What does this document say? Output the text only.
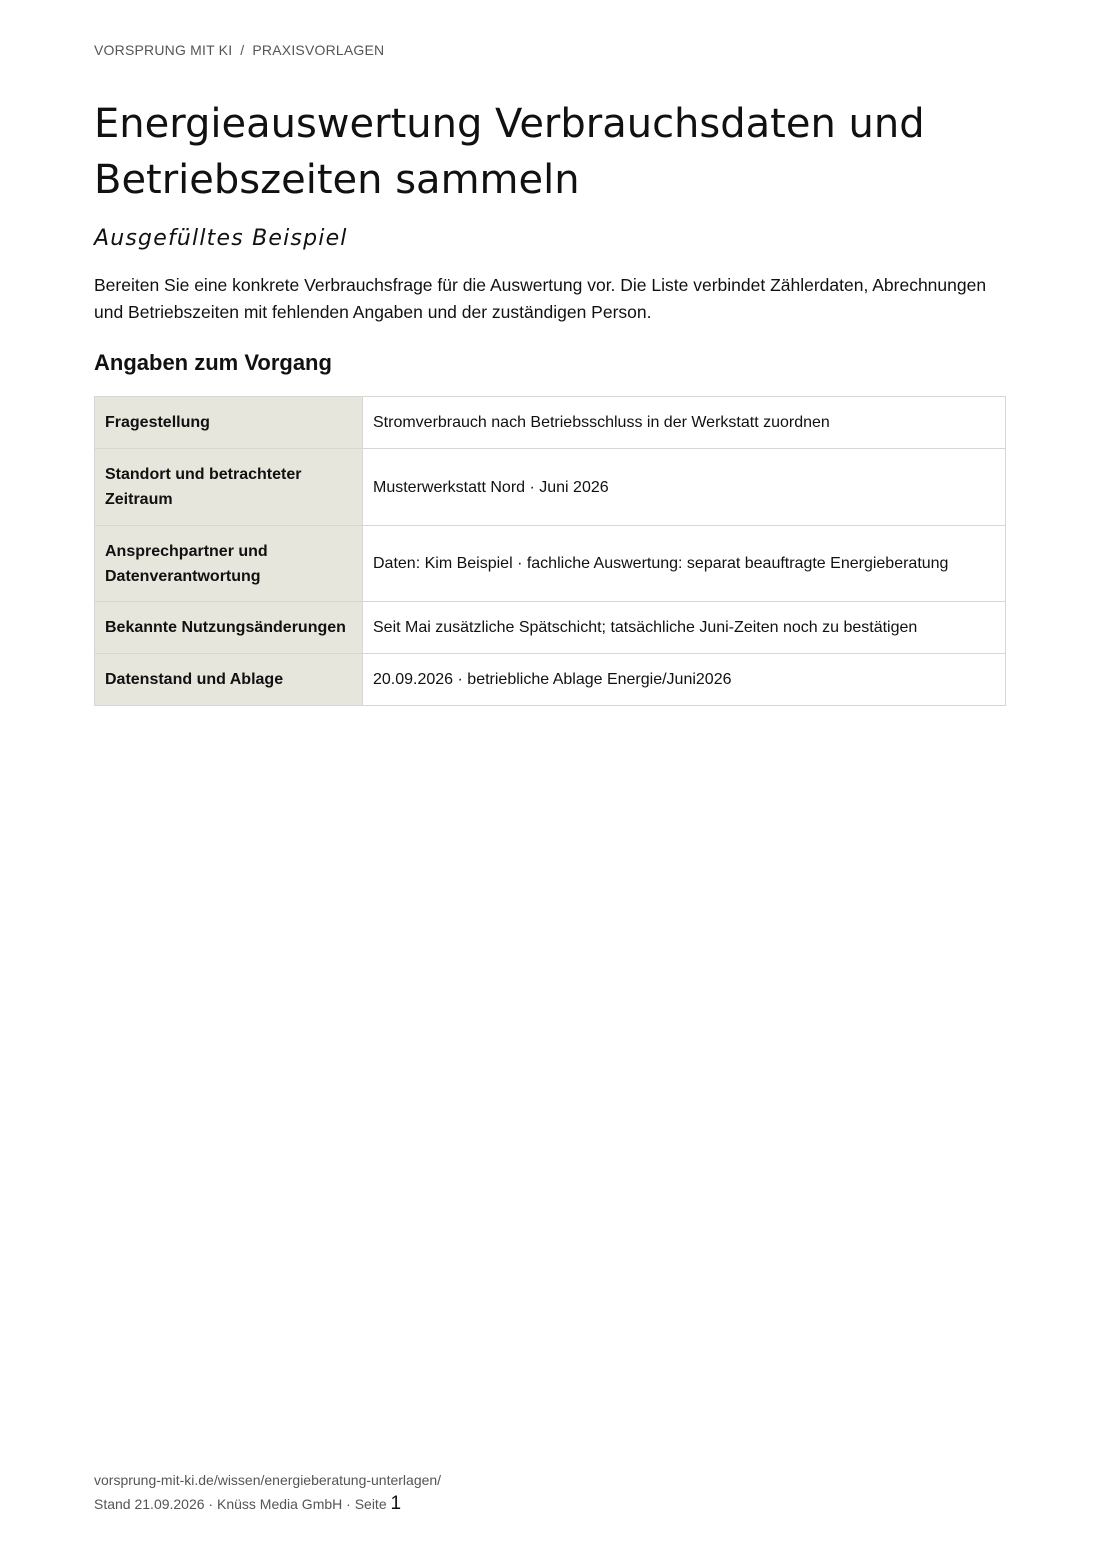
VORSPRUNG MIT KI / PRAXISVORLAGEN
Energieauswertung Verbrauchsdaten und Betriebszeiten sammeln
Ausgefülltes Beispiel

Bereiten Sie eine konkrete Verbrauchsfrage für die Auswertung vor. Die Liste verbindet Zählerdaten, Abrechnungen und Betriebszeiten mit fehlenden Angaben und der zuständigen Person.

Angaben zum Vorgang
Fragestellung	Stromverbrauch nach Betriebsschluss in der Werkstatt zuordnen
Standort und betrachteter Zeitraum	Musterwerkstatt Nord · Juni 2026
Ansprechpartner und Datenverantwortung	Daten: Kim Beispiel · fachliche Auswertung: separat beauftragte Energieberatung
Bekannte Nutzungsänderungen	Seit Mai zusätzliche Spätschicht; tatsächliche Juni-Zeiten noch zu bestätigen
Datenstand und Ablage	20.09.2026 · betriebliche Ablage Energie/Juni2026
vorsprung-mit-ki.de/wissen/energieberatung-unterlagen/
Stand 21.09.2026 · Knüss Media GmbH · Seite 1
